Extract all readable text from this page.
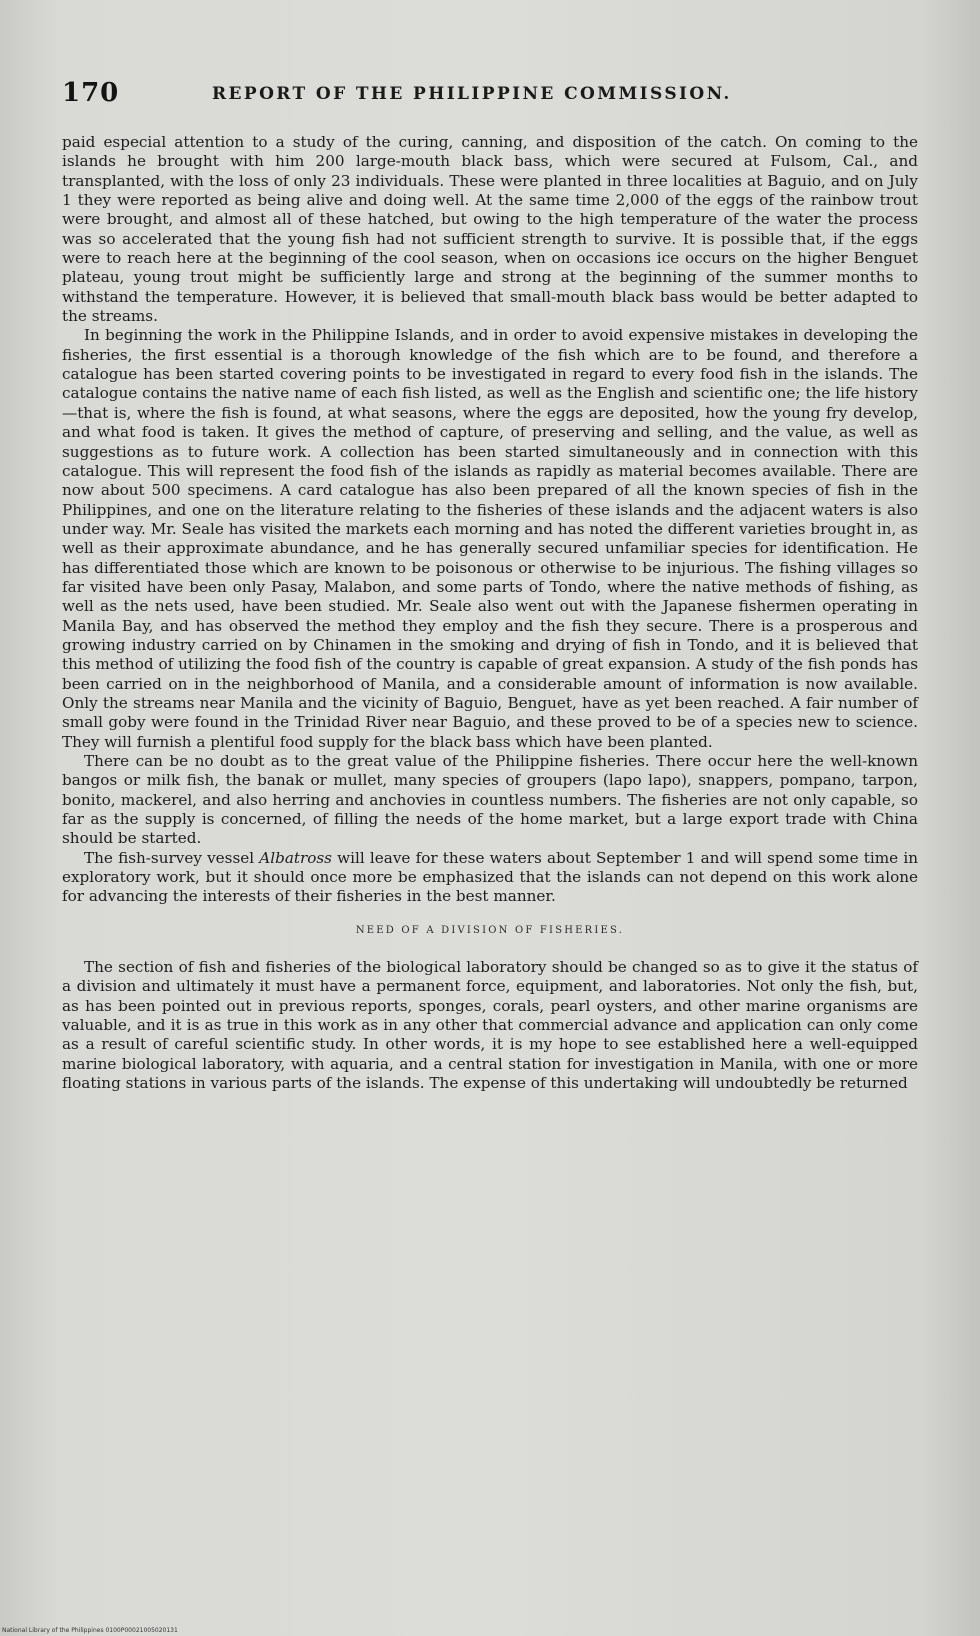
170	REPORT OF THE PHILIPPINE COMMISSION.

paid especial attention to a study of the curing, canning, and disposition of the catch. On coming to the islands he brought with him 200 large-mouth black bass, which were secured at Fulsom, Cal., and transplanted, with the loss of only 23 individuals. These were planted in three localities at Baguio, and on July 1 they were reported as being alive and doing well. At the same time 2,000 of the eggs of the rainbow trout were brought, and almost all of these hatched, but owing to the high temperature of the water the process was so accelerated that the young fish had not sufficient strength to survive. It is possible that, if the eggs were to reach here at the beginning of the cool season, when on occasions ice occurs on the higher Benguet plateau, young trout might be sufficiently large and strong at the beginning of the summer months to withstand the temperature. However, it is believed that small-mouth black bass would be better adapted to the streams.

In beginning the work in the Philippine Islands, and in order to avoid expensive mistakes in developing the fisheries, the first essential is a thorough knowledge of the fish which are to be found, and therefore a catalogue has been started covering points to be investigated in regard to every food fish in the islands. The catalogue contains the native name of each fish listed, as well as the English and scientific one; the life history—that is, where the fish is found, at what seasons, where the eggs are deposited, how the young fry develop, and what food is taken. It gives the method of capture, of preserving and selling, and the value, as well as suggestions as to future work. A collection has been started simultaneously and in connection with this catalogue. This will represent the food fish of the islands as rapidly as material becomes available. There are now about 500 specimens. A card catalogue has also been prepared of all the known species of fish in the Philippines, and one on the literature relating to the fisheries of these islands and the adjacent waters is also under way. Mr. Seale has visited the markets each morning and has noted the different varieties brought in, as well as their approximate abundance, and he has generally secured unfamiliar species for identification. He has differentiated those which are known to be poisonous or otherwise to be injurious. The fishing villages so far visited have been only Pasay, Malabon, and some parts of Tondo, where the native methods of fishing, as well as the nets used, have been studied. Mr. Seale also went out with the Japanese fishermen operating in Manila Bay, and has observed the method they employ and the fish they secure. There is a prosperous and growing industry carried on by Chinamen in the smoking and drying of fish in Tondo, and it is believed that this method of utilizing the food fish of the country is capable of great expansion. A study of the fish ponds has been carried on in the neighborhood of Manila, and a considerable amount of information is now available. Only the streams near Manila and the vicinity of Baguio, Benguet, have as yet been reached. A fair number of small goby were found in the Trinidad River near Baguio, and these proved to be of a species new to science. They will furnish a plentiful food supply for the black bass which have been planted.

There can be no doubt as to the great value of the Philippine fisheries. There occur here the well-known bangos or milk fish, the banak or mullet, many species of groupers (lapo lapo), snappers, pompano, tarpon, bonito, mackerel, and also herring and anchovies in countless numbers. The fisheries are not only capable, so far as the supply is concerned, of filling the needs of the home market, but a large export trade with China should be started.

The fish-survey vessel Albatross will leave for these waters about September 1 and will spend some time in exploratory work, but it should once more be emphasized that the islands can not depend on this work alone for advancing the interests of their fisheries in the best manner.

NEED OF A DIVISION OF FISHERIES.

The section of fish and fisheries of the biological laboratory should be changed so as to give it the status of a division and ultimately it must have a permanent force, equipment, and laboratories. Not only the fish, but, as has been pointed out in previous reports, sponges, corals, pearl oysters, and other marine organisms are valuable, and it is as true in this work as in any other that commercial advance and application can only come as a result of careful scientific study. In other words, it is my hope to see established here a well-equipped marine biological laboratory, with aquaria, and a central station for investigation in Manila, with one or more floating stations in various parts of the islands. The expense of this undertaking will undoubtedly be returned

National Library of the Philippines 0100P00021005020131
